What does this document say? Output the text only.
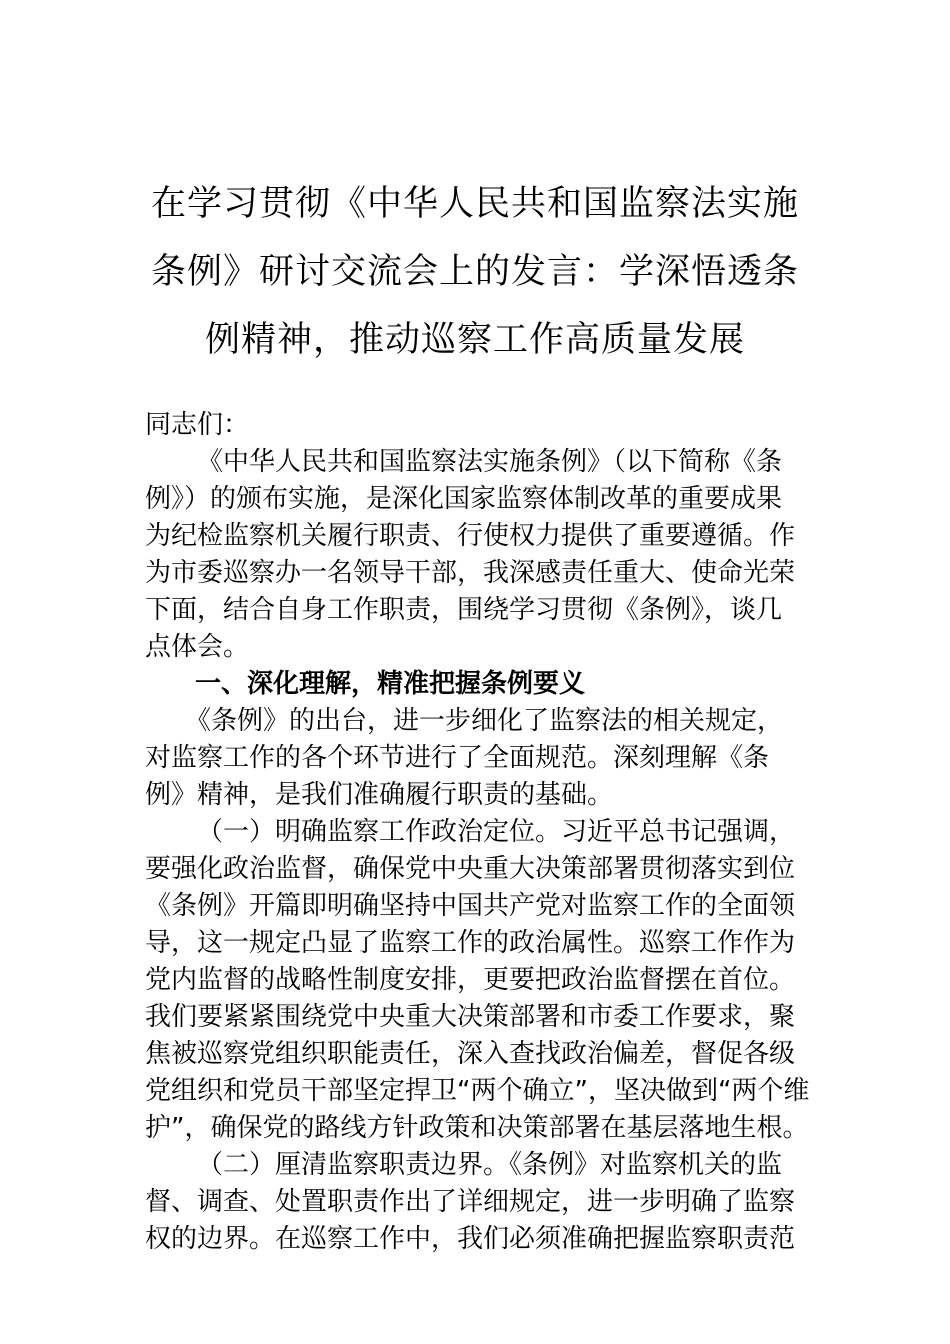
在学习贯彻《中华人民共和国监察法实施
条例》研讨交流会上的发言：学深悟透条
例精神，推动巡察工作高质量发展
同志们：
《中华人民共和国监察法实施条例》（以下简称《条
例》）的颁布实施，是深化国家监察体制改革的重要成果
为纪检监察机关履行职责、行使权力提供了重要遵循。作
为市委巡察办一名领导干部，我深感责任重大、使命光荣
下面，结合自身工作职责，围绕学习贯彻《条例》，谈几
点体会。
一、深化理解，精准把握条例要义
《条例》的出台，进一步细化了监察法的相关规定，
对监察工作的各个环节进行了全面规范。深刻理解《条
例》精神，是我们准确履行职责的基础。
（一）明确监察工作政治定位。习近平总书记强调，
要强化政治监督，确保党中央重大决策部署贯彻落实到位
《条例》开篇即明确坚持中国共产党对监察工作的全面领
导，这一规定凸显了监察工作的政治属性。巡察工作作为
党内监督的战略性制度安排，更要把政治监督摆在首位。
我们要紧紧围绕党中央重大决策部署和市委工作要求，聚
焦被巡察党组织职能责任，深入查找政治偏差，督促各级
党组织和党员干部坚定捍卫“两个确立”，坚决做到“两个维
护”，确保党的路线方针政策和决策部署在基层落地生根。
（二）厘清监察职责边界。《条例》对监察机关的监
督、调查、处置职责作出了详细规定，进一步明确了监察
权的边界。在巡察工作中，我们必须准确把握监察职责范
